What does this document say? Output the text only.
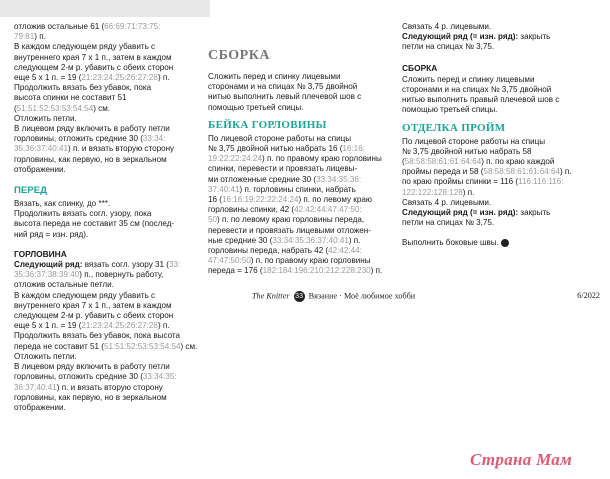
отложив остальные 61 (66:69:71:73:75:

79:81) п.

В каждом следующем ряду убавить с

внутреннего края 7 х 1 п., затем в каждом

следующем 2-м р. убавить с обеих сторон

еще 5 х 1 п. = 19 (21:23:24:25:26:27:28) п.

Продолжить вязать без убавок, пока

высота спинки не составит 51

(51:51:52:53:53:54:54) см.

Отложить петли.

В лицевом ряду включить в работу петли

горловины, отложить средние 30 (33:34:

35:36:37:40:41) п. и вязать вторую сторону

горловины, как первую, но в зеркальном

отображении.

ПЕРЕД

Вязать, как спинку, до ***.

Продолжить вязать согл. узору, пока

высота переда не составит 35 см (послед-

ний ряд = изн. ряд).

ГОРЛОВИНА

Следующий ряд: вязать согл. узору 31 (33:

35:36:37:38:39:40) п., повернуть работу,

отложив остальные петли.

В каждом следующем ряду убавить с

внутреннего края 7 х 1 п., затем в каждом

следующем 2-м р. убавить с обеих сторон

еще 5 х 1 п. = 19 (21:23:24:25:26:27:28) п.

Продолжить вязать без убавок, пока высота

переда не составит 51 (51:51:52:53:53:54:54) см.

Отложить петли.

В лицевом ряду включить в работу петли

горловины, отложить средние 30 (33:34:35:

36:37:40:41) п. и вязать вторую сторону

горловины, как первую, но в зеркальном

отображении.

СБОРКА

Сложить перед и спинку лицевыми

сторонами и на спицах № 3,75 двойной

нитью выполнить левый плечевой шов с

помощью третьей спицы.

БЕЙКА ГОРЛОВИНЫ

По лицевой стороне работы на спицы

№ 3,75 двойной нитью набрать 16 (16:16:

19:22:22:24:24) п. по правому краю горловины

спинки, перевести и провязать лицевы-

ми отложенные средние 30 (33:34:35:36:

37:40:41) п. горловины спинки, набрать

16 (16:16:19:22:22:24:24) п. по левому краю

горловины спинки, 42 (42:42:44:47:47:50:

50) п. по левому краю горловины переда,

перевести и провязать лицевыми отложен-

ные средние 30 (33:34:35:36:37:40:41) п.

горловины переда, набрать 42 (42:42:44:

47:47:50:50) п. по правому краю горловины

переда = 176 (182:184:196:210:212:228:230) п.

Связать 4 р. лицевыми.

Следующий ряд (= изн. ряд): закрыть

петли на спицах № 3,75.

СБОРКА

Сложить перед и спинку лицевыми

сторонами и на спицах № 3,75 двойной

нитью выполнить правый плечевой шов с

помощью третьей спицы.

ОТДЕЛКА ПРОЙМ

По лицевой стороне работы на спицы

№ 3,75 двойной нитью набрать 58

(58:58:58:61:61:64:64) п. по краю каждой

проймы переда и 58 (58:58:58:61:61:64:64) п.

по краю проймы спинки = 116 (116:116:116:

122:122:128:128) п.

Связать 4 р. лицевыми.

Следующий ряд (= изн. ряд): закрыть

петли на спицах № 3,75.

Выполнить боковые швы.

The Knitter 33 Вязание · Моё любимое хобби	6/2022
Страна Мам
